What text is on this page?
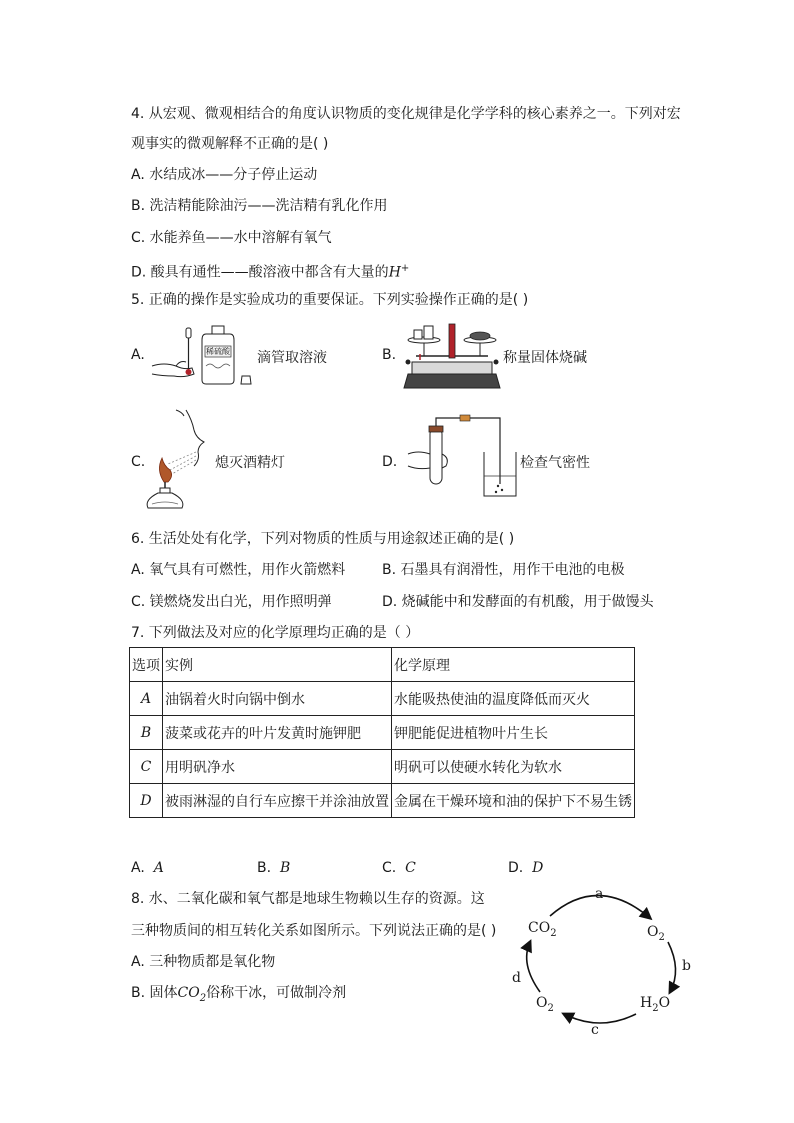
4. 从宏观、微观相结合的角度认识物质的变化规律是化学学科的核心素养之一。下列对宏
观事实的微观解释不正确的是( )
A. 水结成冰——分子停止运动
B. 洗洁精能除油污——洗洁精有乳化作用
C. 水能养鱼——水中溶解有氧气
D. 酸具有通性——酸溶液中都含有大量的H+
5. 正确的操作是实验成功的重要保证。下列实验操作正确的是( )
A.	稀硫酸 滴管取溶液	B.	称量固体烧碱
C.	熄灭酒精灯	D.	检查气密性
6. 生活处处有化学，下列对物质的性质与用途叙述正确的是( )
A. 氧气具有可燃性，用作火箭燃料	B. 石墨具有润滑性，用作干电池的电极
C. 镁燃烧发出白光，用作照明弹	D. 烧碱能中和发酵面的有机酸，用于做馒头
7. 下列做法及对应的化学原理均正确的是（ ）
选项	实例	化学原理
A	油锅着火时向锅中倒水	水能吸热使油的温度降低而灭火
B	菠菜或花卉的叶片发黄时施钾肥	钾肥能促进植物叶片生长
C	用明矾净水	明矾可以使硬水转化为软水
D	被雨淋湿的自行车应擦干并涂油放置	金属在干燥环境和油的保护下不易生锈
A. A	B. B	C. C	D. D
8. 水、二氧化碳和氧气都是地球生物赖以生存的资源。这
三种物质间的相互转化关系如图所示。下列说法正确的是( )
A. 三种物质都是氧化物
B. 固体$CO_2$俗称干冰，可做制冷剂
$CO_2$	$O_2$
$H_2O$
$O_2$
a
b
c
d
